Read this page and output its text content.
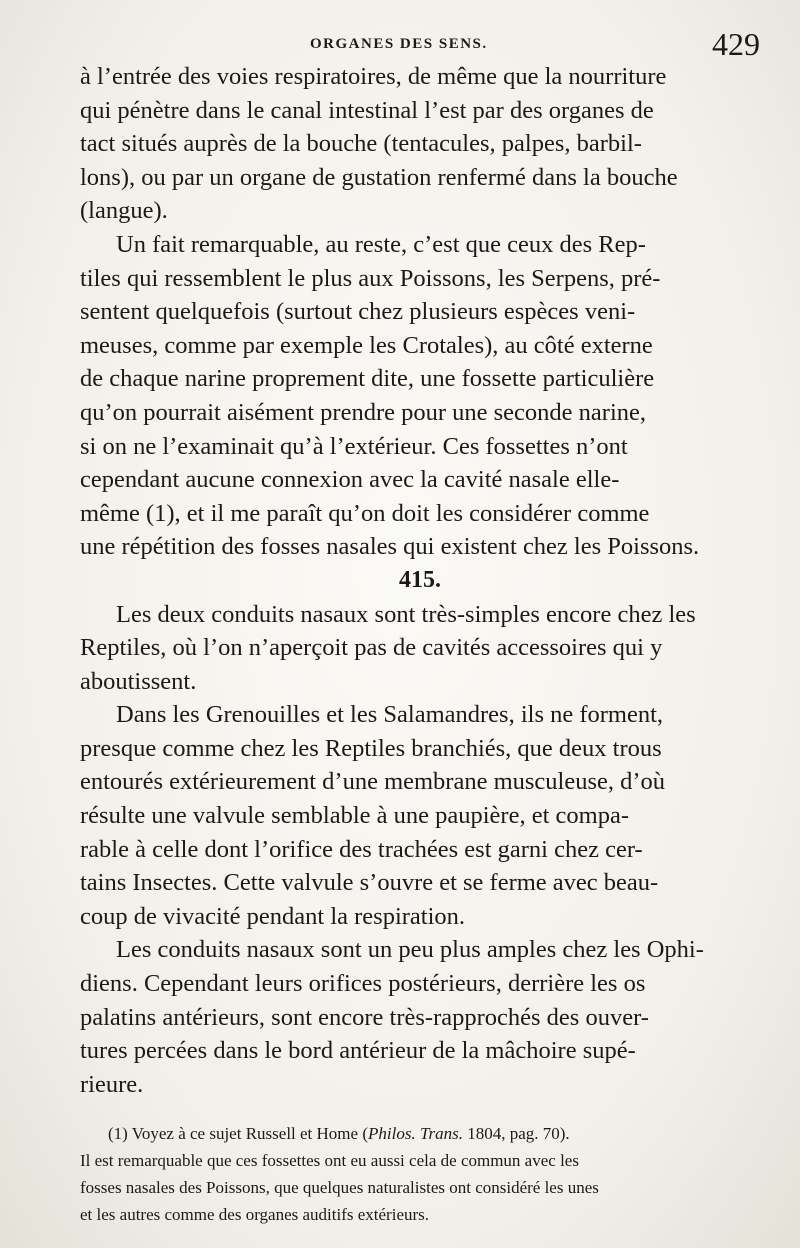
ORGANES DES SENS.	429

à l’entrée des voies respiratoires, de même que la nourriture
qui pénètre dans le canal intestinal l’est par des organes de
tact situés auprès de la bouche (tentacules, palpes, barbil-
lons), ou par un organe de gustation renfermé dans la bouche
(langue).

Un fait remarquable, au reste, c’est que ceux des Rep-
tiles qui ressemblent le plus aux Poissons, les Serpens, pré-
sentent quelquefois (surtout chez plusieurs espèces veni-
meuses, comme par exemple les Crotales), au côté externe
de chaque narine proprement dite, une fossette particulière
qu’on pourrait aisément prendre pour une seconde narine,
si on ne l’examinait qu’à l’extérieur. Ces fossettes n’ont
cependant aucune connexion avec la cavité nasale elle-
même (1), et il me paraît qu’on doit les considérer comme
une répétition des fosses nasales qui existent chez les Poissons.

415.

Les deux conduits nasaux sont très-simples encore chez les
Reptiles, où l’on n’aperçoit pas de cavités accessoires qui y
aboutissent.

Dans les Grenouilles et les Salamandres, ils ne forment,
presque comme chez les Reptiles branchiés, que deux trous
entourés extérieurement d’une membrane musculeuse, d’où
résulte une valvule semblable à une paupière, et compa-
rable à celle dont l’orifice des trachées est garni chez cer-
tains Insectes. Cette valvule s’ouvre et se ferme avec beau-
coup de vivacité pendant la respiration.

Les conduits nasaux sont un peu plus amples chez les Ophi-
diens. Cependant leurs orifices postérieurs, derrière les os
palatins antérieurs, sont encore très-rapprochés des ouver-
tures percées dans le bord antérieur de la mâchoire supé-
rieure.

(1) Voyez à ce sujet Russell et Home (Philos. Trans. 1804, pag. 70).

Il est remarquable que ces fossettes ont eu aussi cela de commun avec les

fosses nasales des Poissons, que quelques naturalistes ont considéré les unes

et les autres comme des organes auditifs extérieurs.
